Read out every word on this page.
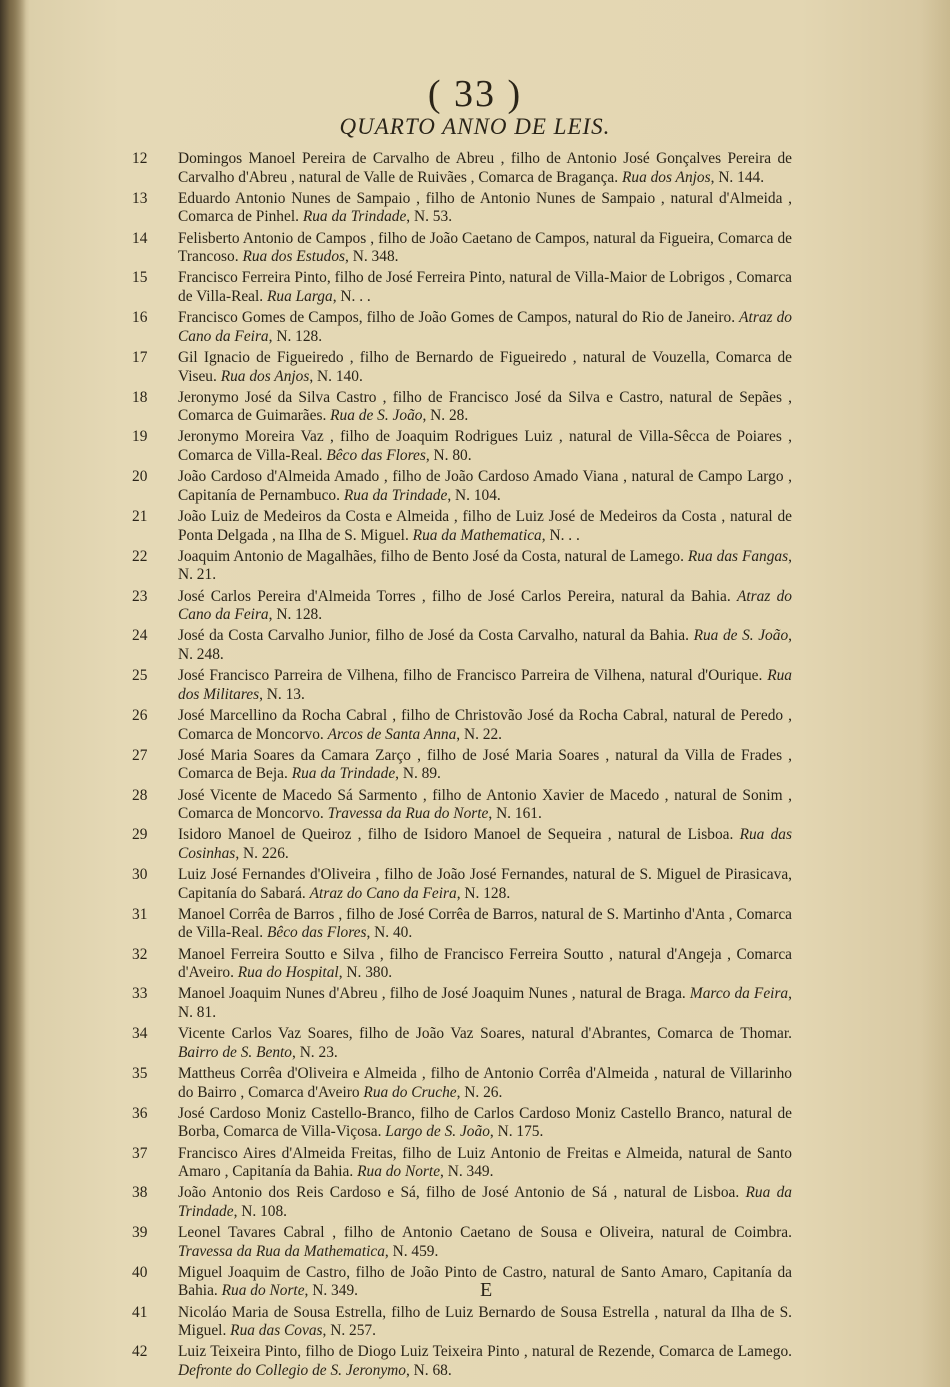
( 33 )
QUARTO ANNO DE LEIS.
12	Domingos Manoel Pereira de Carvalho de Abreu , filho de Antonio José Gonçalves Pereira de Carvalho d'Abreu , natural de Valle de Ruivães , Comarca de Bragança. Rua dos Anjos, N. 144.
13	Eduardo Antonio Nunes de Sampaio , filho de Antonio Nunes de Sampaio , natural d'Almeida , Comarca de Pinhel. Rua da Trindade, N. 53.
14	Felisberto Antonio de Campos , filho de João Caetano de Campos, natural da Figueira, Comarca de Trancoso. Rua dos Estudos, N. 348.
15	Francisco Ferreira Pinto, filho de José Ferreira Pinto, natural de Villa-Maior de Lobrigos , Comarca de Villa-Real. Rua Larga, N. . .
16	Francisco Gomes de Campos, filho de João Gomes de Campos, natural do Rio de Janeiro. Atraz do Cano da Feira, N. 128.
17	Gil Ignacio de Figueiredo , filho de Bernardo de Figueiredo , natural de Vouzella, Comarca de Viseu. Rua dos Anjos, N. 140.
18	Jeronymo José da Silva Castro , filho de Francisco José da Silva e Castro, natural de Sepães , Comarca de Guimarães. Rua de S. João, N. 28.
19	Jeronymo Moreira Vaz , filho de Joaquim Rodrigues Luiz , natural de Villa-Sêcca de Poiares , Comarca de Villa-Real. Bêco das Flores, N. 80.
20	João Cardoso d'Almeida Amado , filho de João Cardoso Amado Viana , natural de Campo Largo , Capitanía de Pernambuco. Rua da Trindade, N. 104.
21	João Luiz de Medeiros da Costa e Almeida , filho de Luiz José de Medeiros da Costa , natural de Ponta Delgada , na Ilha de S. Miguel. Rua da Mathematica, N. . .
22	Joaquim Antonio de Magalhães, filho de Bento José da Costa, natural de Lamego. Rua das Fangas, N. 21.
23	José Carlos Pereira d'Almeida Torres , filho de José Carlos Pereira, natural da Bahia. Atraz do Cano da Feira, N. 128.
24	José da Costa Carvalho Junior, filho de José da Costa Carvalho, natural da Bahia. Rua de S. João, N. 248.
25	José Francisco Parreira de Vilhena, filho de Francisco Parreira de Vilhena, natural d'Ourique. Rua dos Militares, N. 13.
26	José Marcellino da Rocha Cabral , filho de Christovão José da Rocha Cabral, natural de Peredo , Comarca de Moncorvo. Arcos de Santa Anna, N. 22.
27	José Maria Soares da Camara Zarço , filho de José Maria Soares , natural da Villa de Frades , Comarca de Beja. Rua da Trindade, N. 89.
28	José Vicente de Macedo Sá Sarmento , filho de Antonio Xavier de Macedo , natural de Sonim , Comarca de Moncorvo. Travessa da Rua do Norte, N. 161.
29	Isidoro Manoel de Queiroz , filho de Isidoro Manoel de Sequeira , natural de Lisboa. Rua das Cosinhas, N. 226.
30	Luiz José Fernandes d'Oliveira , filho de João José Fernandes, natural de S. Miguel de Pirasicava, Capitanía do Sabará. Atraz do Cano da Feira, N. 128.
31	Manoel Corrêa de Barros , filho de José Corrêa de Barros, natural de S. Martinho d'Anta , Comarca de Villa-Real. Bêco das Flores, N. 40.
32	Manoel Ferreira Soutto e Silva , filho de Francisco Ferreira Soutto , natural d'Angeja , Comarca d'Aveiro. Rua do Hospital, N. 380.
33	Manoel Joaquim Nunes d'Abreu , filho de José Joaquim Nunes , natural de Braga. Marco da Feira, N. 81.
34	Vicente Carlos Vaz Soares, filho de João Vaz Soares, natural d'Abrantes, Comarca de Thomar. Bairro de S. Bento, N. 23.
35	Mattheus Corrêa d'Oliveira e Almeida , filho de Antonio Corrêa d'Almeida , natural de Villarinho do Bairro , Comarca d'Aveiro Rua do Cruche, N. 26.
36	José Cardoso Moniz Castello-Branco, filho de Carlos Cardoso Moniz Castello Branco, natural de Borba, Comarca de Villa-Viçosa. Largo de S. João, N. 175.
37	Francisco Aires d'Almeida Freitas, filho de Luiz Antonio de Freitas e Almeida, natural de Santo Amaro , Capitanía da Bahia. Rua do Norte, N. 349.
38	João Antonio dos Reis Cardoso e Sá, filho de José Antonio de Sá , natural de Lisboa. Rua da Trindade, N. 108.
39	Leonel Tavares Cabral , filho de Antonio Caetano de Sousa e Oliveira, natural de Coimbra. Travessa da Rua da Mathematica, N. 459.
40	Miguel Joaquim de Castro, filho de João Pinto de Castro, natural de Santo Amaro, Capitanía da Bahia. Rua do Norte, N. 349.
41	Nicoláo Maria de Sousa Estrella, filho de Luiz Bernardo de Sousa Estrella , natural da Ilha de S. Miguel. Rua das Covas, N. 257.
42	Luiz Teixeira Pinto, filho de Diogo Luiz Teixeira Pinto , natural de Rezende, Comarca de Lamego. Defronte do Collegio de S. Jeronymo, N. 68.
E
